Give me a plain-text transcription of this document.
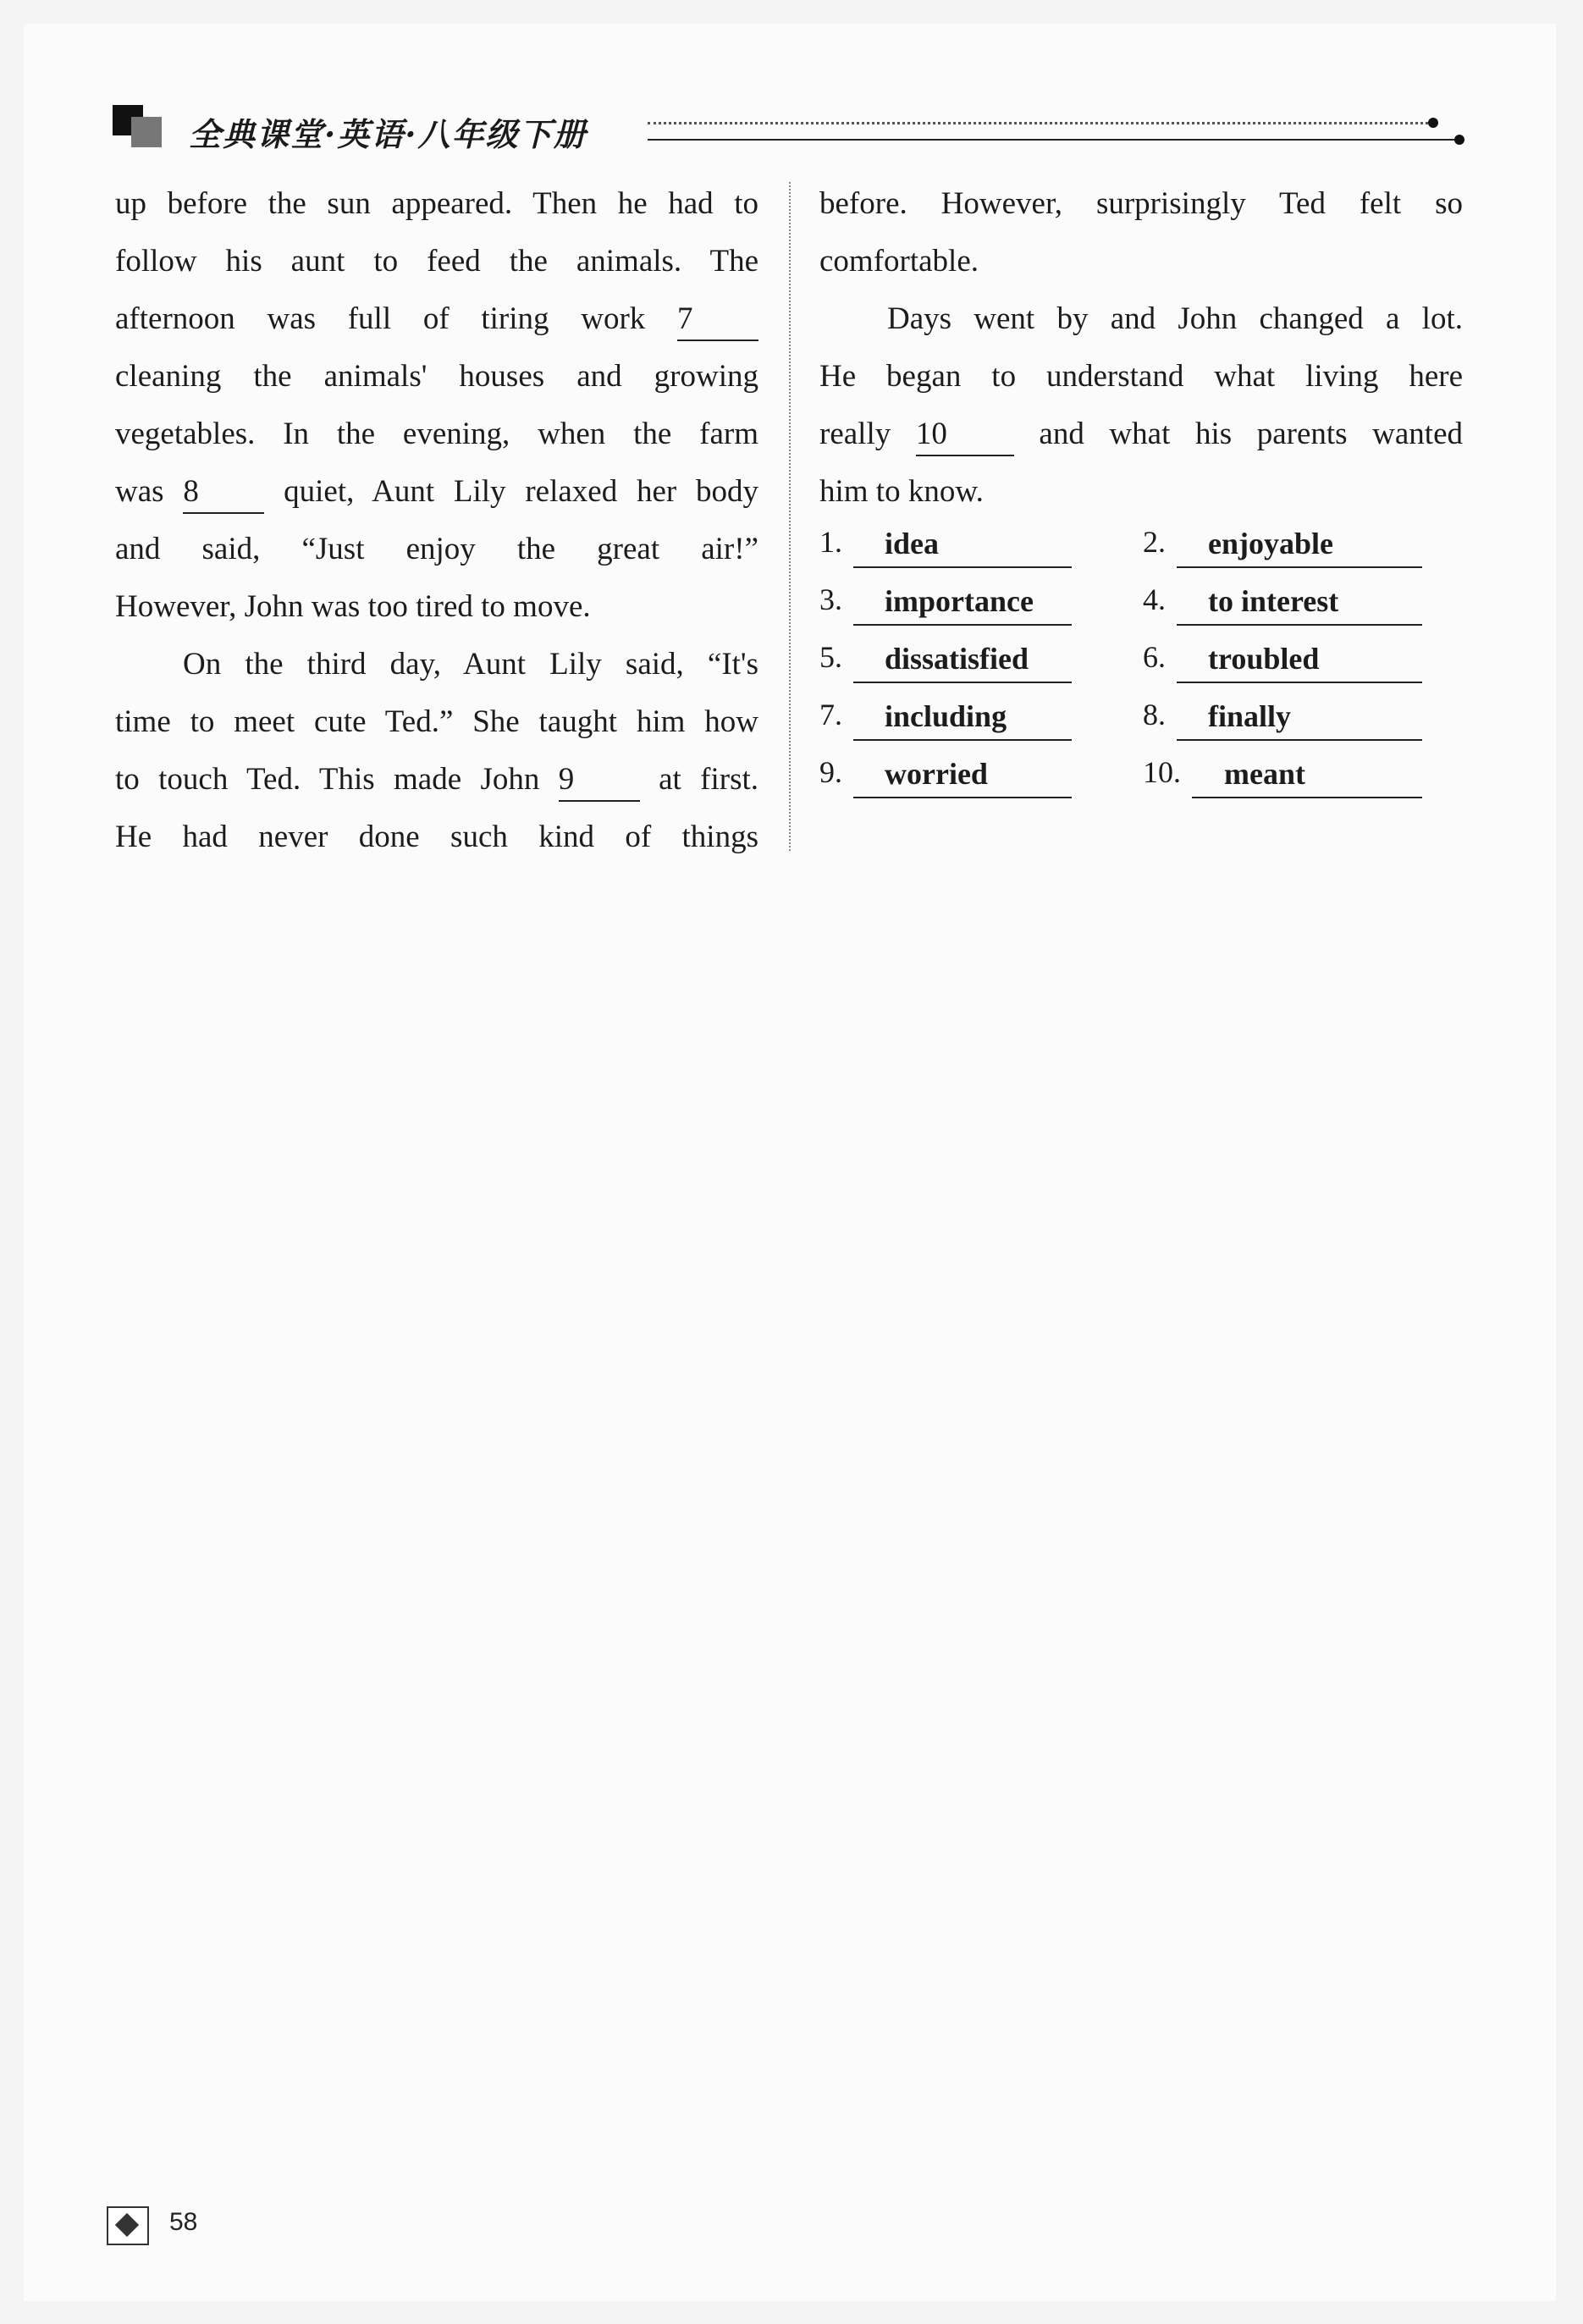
全典课堂·英语·八年级下册
up before the sun appeared. Then he had to
follow his aunt to feed the animals. The
afternoon was full of tiring work 7
cleaning the animals' houses and growing
vegetables. In the evening, when the farm
was 8	quiet, Aunt Lily relaxed her body
and said, “Just enjoy the great air!”
However, John was too tired to move.
On the third day, Aunt Lily said, “It's
time to meet cute Ted.” She taught him how
to touch Ted. This made John 9	at first.
He had never done such kind of things
before. However, surprisingly Ted felt so
comfortable.
Days went by and John changed a lot.
He began to understand what living here
really 10	and what his parents wanted
him to know.
1. idea	2. enjoyable
3. importance	4. to interest
5. dissatisfied	6. troubled
7. including	8. finally
9. worried	10. meant
58
